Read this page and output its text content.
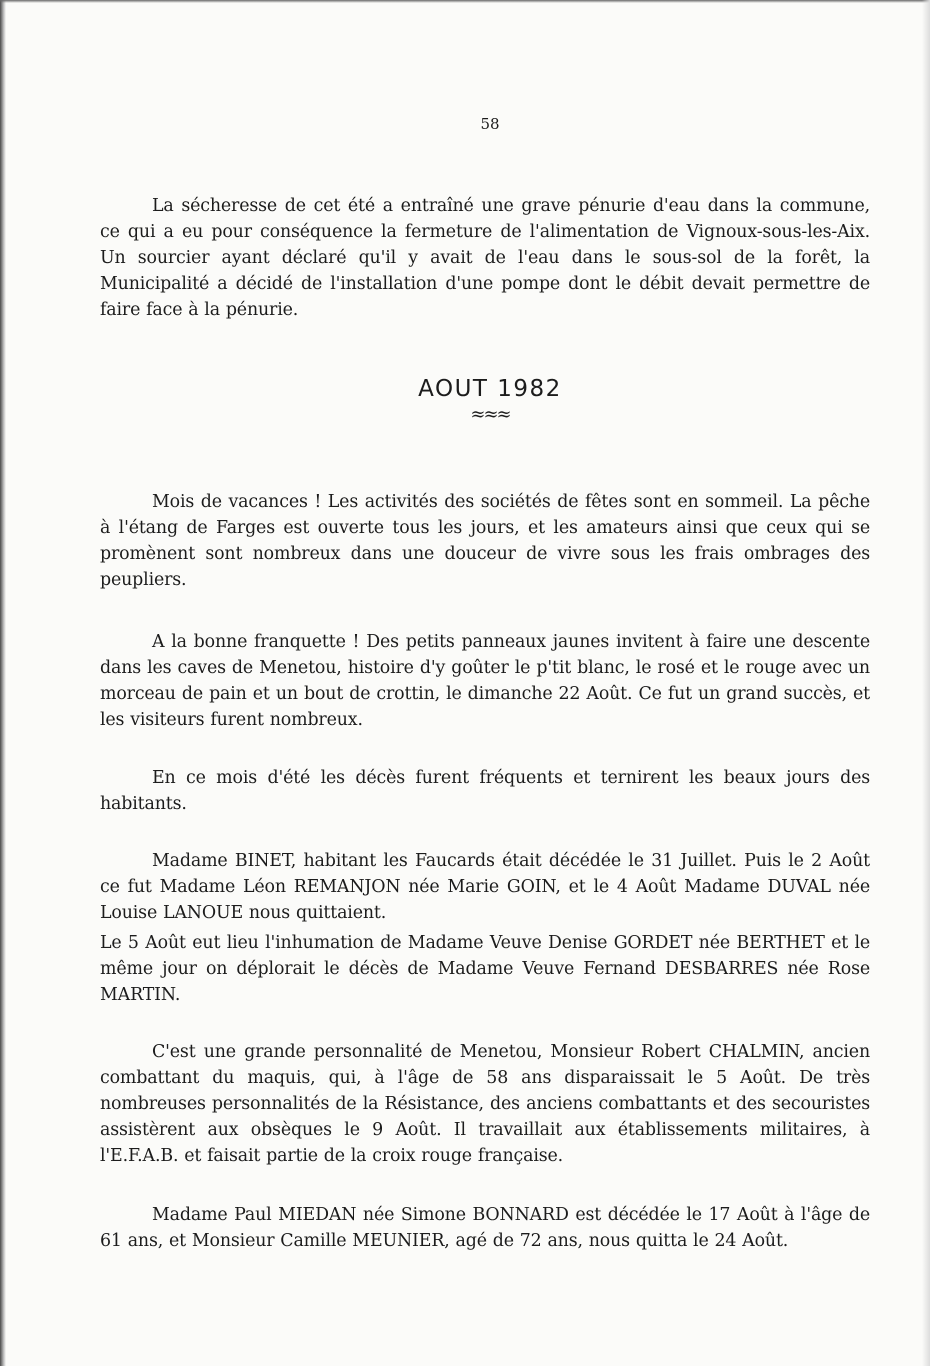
58

La sécheresse de cet été a entraîné une grave pénurie d'eau dans la commune, ce qui a eu pour conséquence la fermeture de l'alimentation de Vignoux-sous-les-Aix. Un sourcier ayant déclaré qu'il y avait de l'eau dans le sous-sol de la forêt, la Municipalité a décidé de l'installation d'une pompe dont le débit devait permettre de faire face à la pénurie.

AOUT 1982
≈≈≈

Mois de vacances ! Les activités des sociétés de fêtes sont en sommeil. La pêche à l'étang de Farges est ouverte tous les jours, et les amateurs ainsi que ceux qui se promènent sont nombreux dans une douceur de vivre sous les frais ombrages des peupliers.

A la bonne franquette ! Des petits panneaux jaunes invitent à faire une descente dans les caves de Menetou, histoire d'y goûter le p'tit blanc, le rosé et le rouge avec un morceau de pain et un bout de crottin, le dimanche 22 Août. Ce fut un grand succès, et les visiteurs furent nombreux.

En ce mois d'été les décès furent fréquents et ternirent les beaux jours des habitants.

Madame BINET, habitant les Faucards était décédée le 31 Juillet. Puis le 2 Août ce fut Madame Léon REMANJON née Marie GOIN, et le 4 Août Madame DUVAL née Louise LANOUE nous quittaient.

Le 5 Août eut lieu l'inhumation de Madame Veuve Denise GORDET née BERTHET et le même jour on déplorait le décès de Madame Veuve Fernand DESBARRES née Rose MARTIN.

C'est une grande personnalité de Menetou, Monsieur Robert CHALMIN, ancien combattant du maquis, qui, à l'âge de 58 ans disparaissait le 5 Août. De très nombreuses personnalités de la Résistance, des anciens combattants et des secouristes assistèrent aux obsèques le 9 Août. Il travaillait aux établissements militaires, à l'E.F.A.B. et faisait partie de la croix rouge française.

Madame Paul MIEDAN née Simone BONNARD est décédée le 17 Août à l'âge de 61 ans, et Monsieur Camille MEUNIER, agé de 72 ans, nous quitta le 24 Août.
